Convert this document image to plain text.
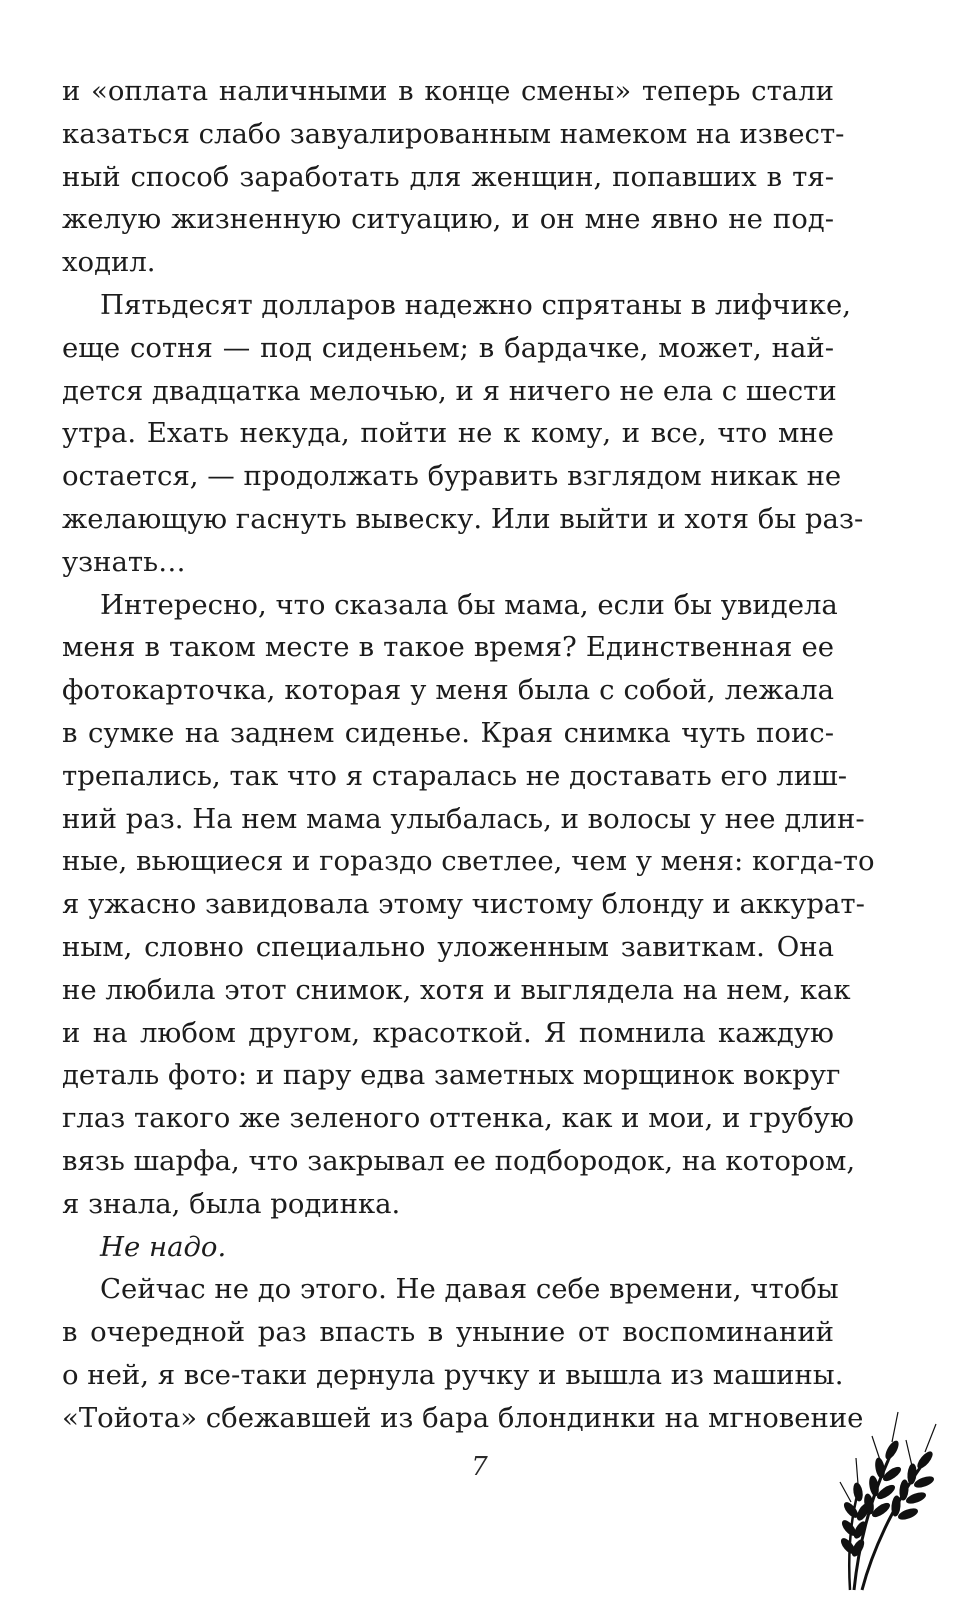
и «оплата наличными в конце смены» теперь стали
казаться слабо завуалированным намеком на извест-
ный способ заработать для женщин, попавших в тя-
желую жизненную ситуацию, и он мне явно не под-
ходил.
Пятьдесят долларов надежно спрятаны в лифчике,
еще сотня — под сиденьем; в бардачке, может, най-
дется двадцатка мелочью, и я ничего не ела с шести
утра. Ехать некуда, пойти не к кому, и все, что мне
остается, — продолжать буравить взглядом никак не
желающую гаснуть вывеску. Или выйти и хотя бы раз-
узнать…
Интересно, что сказала бы мама, если бы увидела
меня в таком месте в такое время? Единственная ее
фотокарточка, которая у меня была с собой, лежала
в сумке на заднем сиденье. Края снимка чуть поис-
трепались, так что я старалась не доставать его лиш-
ний раз. На нем мама улыбалась, и волосы у нее длин-
ные, вьющиеся и гораздо светлее, чем у меня: когда-то
я ужасно завидовала этому чистому блонду и аккурат-
ным, словно специально уложенным завиткам. Она
не любила этот снимок, хотя и выглядела на нем, как
и на любом другом, красоткой. Я помнила каждую
деталь фото: и пару едва заметных морщинок вокруг
глаз такого же зеленого оттенка, как и мои, и грубую
вязь шарфа, что закрывал ее подбородок, на котором,
я знала, была родинка.
Не надо.
Сейчас не до этого. Не давая себе времени, чтобы
в очередной раз впасть в уныние от воспоминаний
о ней, я все-таки дернула ручку и вышла из машины.
«Тойота» сбежавшей из бара блондинки на мгновение
7
